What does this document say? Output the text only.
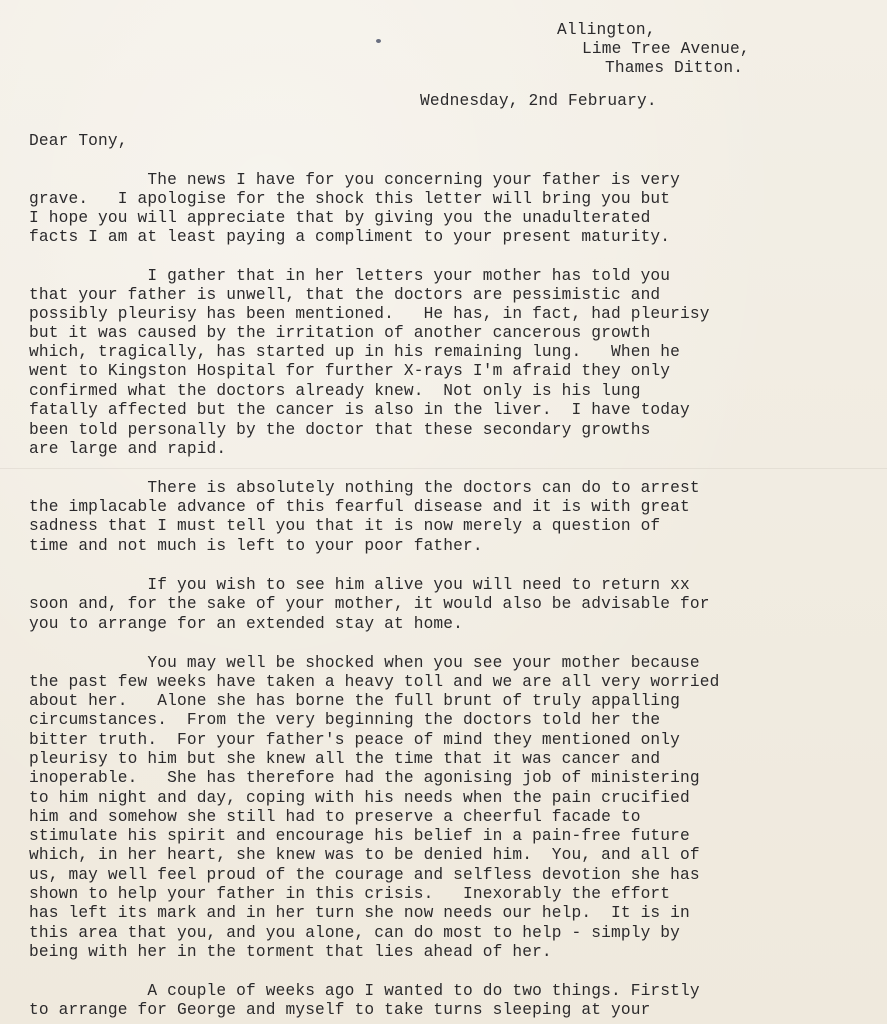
Allington,
Lime Tree Avenue,
Thames Ditton.
Wednesday, 2nd February.
Dear Tony,
The news I have for you concerning your father is very
grave.   I apologise for the shock this letter will bring you but
I hope you will appreciate that by giving you the unadulterated
facts I am at least paying a compliment to your present maturity.
I gather that in her letters your mother has told you
that your father is unwell, that the doctors are pessimistic and
possibly pleurisy has been mentioned.   He has, in fact, had pleurisy
but it was caused by the irritation of another cancerous growth
which, tragically, has started up in his remaining lung.   When he
went to Kingston Hospital for further X-rays I'm afraid they only
confirmed what the doctors already knew.  Not only is his lung
fatally affected but the cancer is also in the liver.  I have today
been told personally by the doctor that these secondary growths
are large and rapid.
There is absolutely nothing the doctors can do to arrest
the implacable advance of this fearful disease and it is with great
sadness that I must tell you that it is now merely a question of
time and not much is left to your poor father.
If you wish to see him alive you will need to return xx
soon and, for the sake of your mother, it would also be advisable for
you to arrange for an extended stay at home.
You may well be shocked when you see your mother because
the past few weeks have taken a heavy toll and we are all very worried
about her.   Alone she has borne the full brunt of truly appalling
circumstances.  From the very beginning the doctors told her the
bitter truth.  For your father's peace of mind they mentioned only
pleurisy to him but she knew all the time that it was cancer and
inoperable.   She has therefore had the agonising job of ministering
to him night and day, coping with his needs when the pain crucified
him and somehow she still had to preserve a cheerful facade to
stimulate his spirit and encourage his belief in a pain-free future
which, in her heart, she knew was to be denied him.  You, and all of
us, may well feel proud of the courage and selfless devotion she has
shown to help your father in this crisis.   Inexorably the effort
has left its mark and in her turn she now needs our help.  It is in
this area that you, and you alone, can do most to help - simply by
being with her in the torment that lies ahead of her.
A couple of weeks ago I wanted to do two things. Firstly
to arrange for George and myself to take turns sleeping at your
